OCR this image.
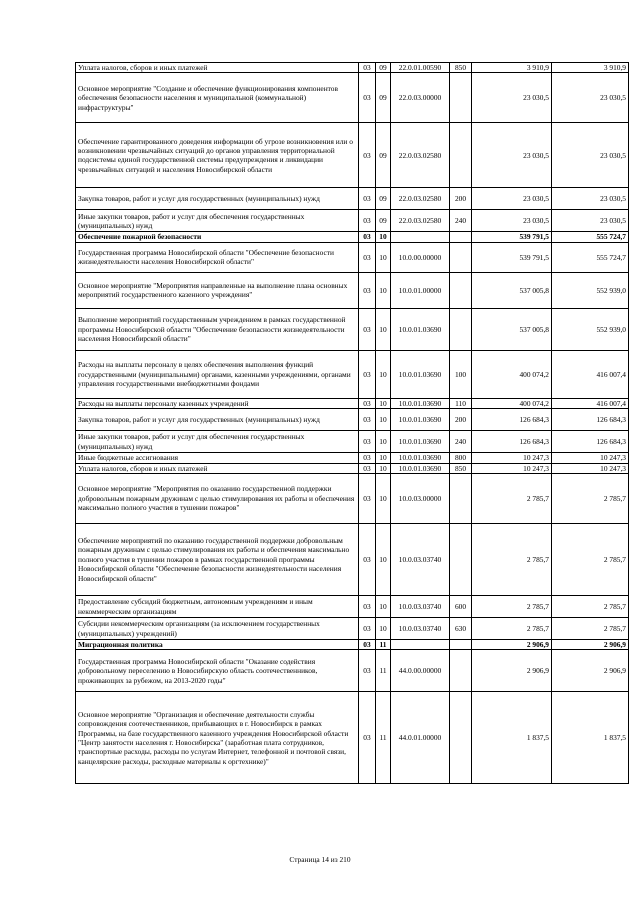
Уплата налогов, сборов и иных платежей	03	09	22.0.01.00590	850	3 910,9	3 910,9
Основное мероприятие "Создание и обеспечение функционирования компонентов обеспечения безопасности населения и муниципальной (коммунальной) инфраструктуры"	03	09	22.0.03.00000		23 030,5	23 030,5
Обеспечение гарантированного доведения информации об угрозе возникновения или о возникновении чрезвычайных ситуаций до органов управления территориальной подсистемы единой государственной системы предупреждения и ликвидации чрезвычайных ситуаций и населения Новосибирской области	03	09	22.0.03.02580		23 030,5	23 030,5
Закупка товаров, работ и услуг для государственных (муниципальных) нужд	03	09	22.0.03.02580	200	23 030,5	23 030,5
Иные закупки товаров, работ и услуг для обеспечения государственных (муниципальных) нужд	03	09	22.0.03.02580	240	23 030,5	23 030,5
Обеспечение пожарной безопасности	03	10			539 791,5	555 724,7
Государственная программа Новосибирской области "Обеспечение безопасности жизнедеятельности населения Новосибирской области"	03	10	10.0.00.00000		539 791,5	555 724,7
Основное мероприятие "Мероприятия направленные на выполнение плана основных мероприятий государственного казенного учреждения"	03	10	10.0.01.00000		537 005,8	552 939,0
Выполнение мероприятий государственным учреждением в рамках государственной программы Новосибирской области "Обеспечение безопасности жизнедеятельности населения Новосибирской области"	03	10	10.0.01.03690		537 005,8	552 939,0
Расходы на выплаты персоналу в целях обеспечения выполнения функций государственными (муниципальными) органами, казенными учреждениями, органами управления государственными внебюджетными фондами	03	10	10.0.01.03690	100	400 074,2	416 007,4
Расходы на выплаты персоналу казенных учреждений	03	10	10.0.01.03690	110	400 074,2	416 007,4
Закупка товаров, работ и услуг для государственных (муниципальных) нужд	03	10	10.0.01.03690	200	126 684,3	126 684,3
Иные закупки товаров, работ и услуг для обеспечения государственных (муниципальных) нужд	03	10	10.0.01.03690	240	126 684,3	126 684,3
Иные бюджетные ассигнования	03	10	10.0.01.03690	800	10 247,3	10 247,3
Уплата налогов, сборов и иных платежей	03	10	10.0.01.03690	850	10 247,3	10 247,3
Основное мероприятие "Мероприятия по оказанию государственной поддержки добровольным пожарным дружинам с целью стимулирования их работы и обеспечения максимально полного участия в тушении пожаров"	03	10	10.0.03.00000		2 785,7	2 785,7
Обеспечение мероприятий по оказанию государственной поддержки добровольным пожарным дружинам с целью стимулирования их работы и обеспечения максимально полного участия в тушении пожаров в рамках государственной программы Новосибирской области "Обеспечение безопасности жизнедеятельности населения Новосибирской области"	03	10	10.0.03.03740		2 785,7	2 785,7
Предоставление субсидий бюджетным, автономным учреждениям и иным некоммерческим организациям	03	10	10.0.03.03740	600	2 785,7	2 785,7
Субсидии некоммерческим организациям (за исключением государственных (муниципальных) учреждений)	03	10	10.0.03.03740	630	2 785,7	2 785,7
Миграционная политика	03	11			2 906,9	2 906,9
Государственная программа Новосибирской области "Оказание содействия добровольному переселению в Новосибирскую область соотечественников, проживающих за рубежом, на 2013-2020 годы"	03	11	44.0.00.00000		2 906,9	2 906,9
Основное мероприятие "Организация и обеспечение деятельности службы сопровождения соотечественников, прибывающих в г. Новосибирск в рамках Программы, на базе государственного казенного учреждения Новосибирской области "Центр занятости населения г. Новосибирска" (заработная плата сотрудников, транспортные расходы, расходы по услугам Интернет, телефонной и почтовой связи, канцелярские расходы, расходные материалы к оргтехнике)"	03	11	44.0.01.00000		1 837,5	1 837,5
Страница 14 из 210
